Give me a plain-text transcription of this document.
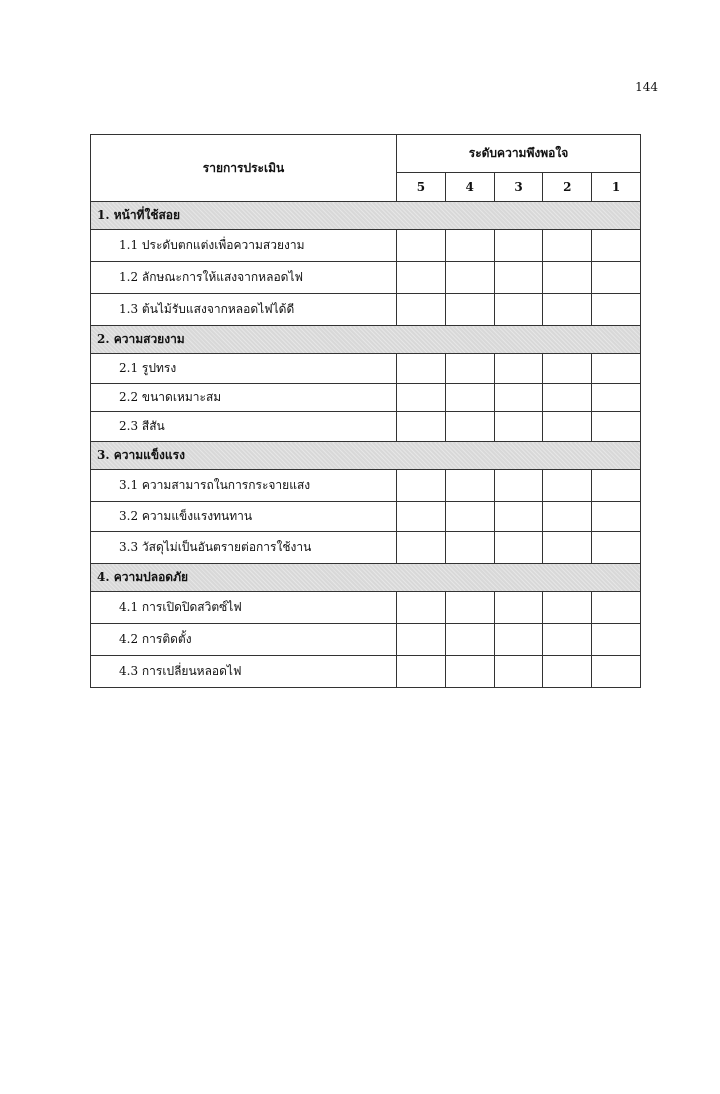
144
รายการประเมิน	ระดับความพึงพอใจ				
	5	4	3	2	1
1. หน้าที่ใช้สอย					
1.1 ประดับตกแต่งเพื่อความสวยงาม					
1.2 ลักษณะการให้แสงจากหลอดไฟ					
1.3 ต้นไม้รับแสงจากหลอดไฟได้ดี					
2. ความสวยงาม					
2.1 รูปทรง					
2.2 ขนาดเหมาะสม					
2.3 สีสัน					
3. ความแข็งแรง					
3.1 ความสามารถในการกระจายแสง					
3.2 ความแข็งแรงทนทาน					
3.3 วัสดุไม่เป็นอันตรายต่อการใช้งาน					
4. ความปลอดภัย					
4.1 การเปิดปิดสวิตซ์ไฟ					
4.2 การติดตั้ง					
4.3 การเปลี่ยนหลอดไฟ					
